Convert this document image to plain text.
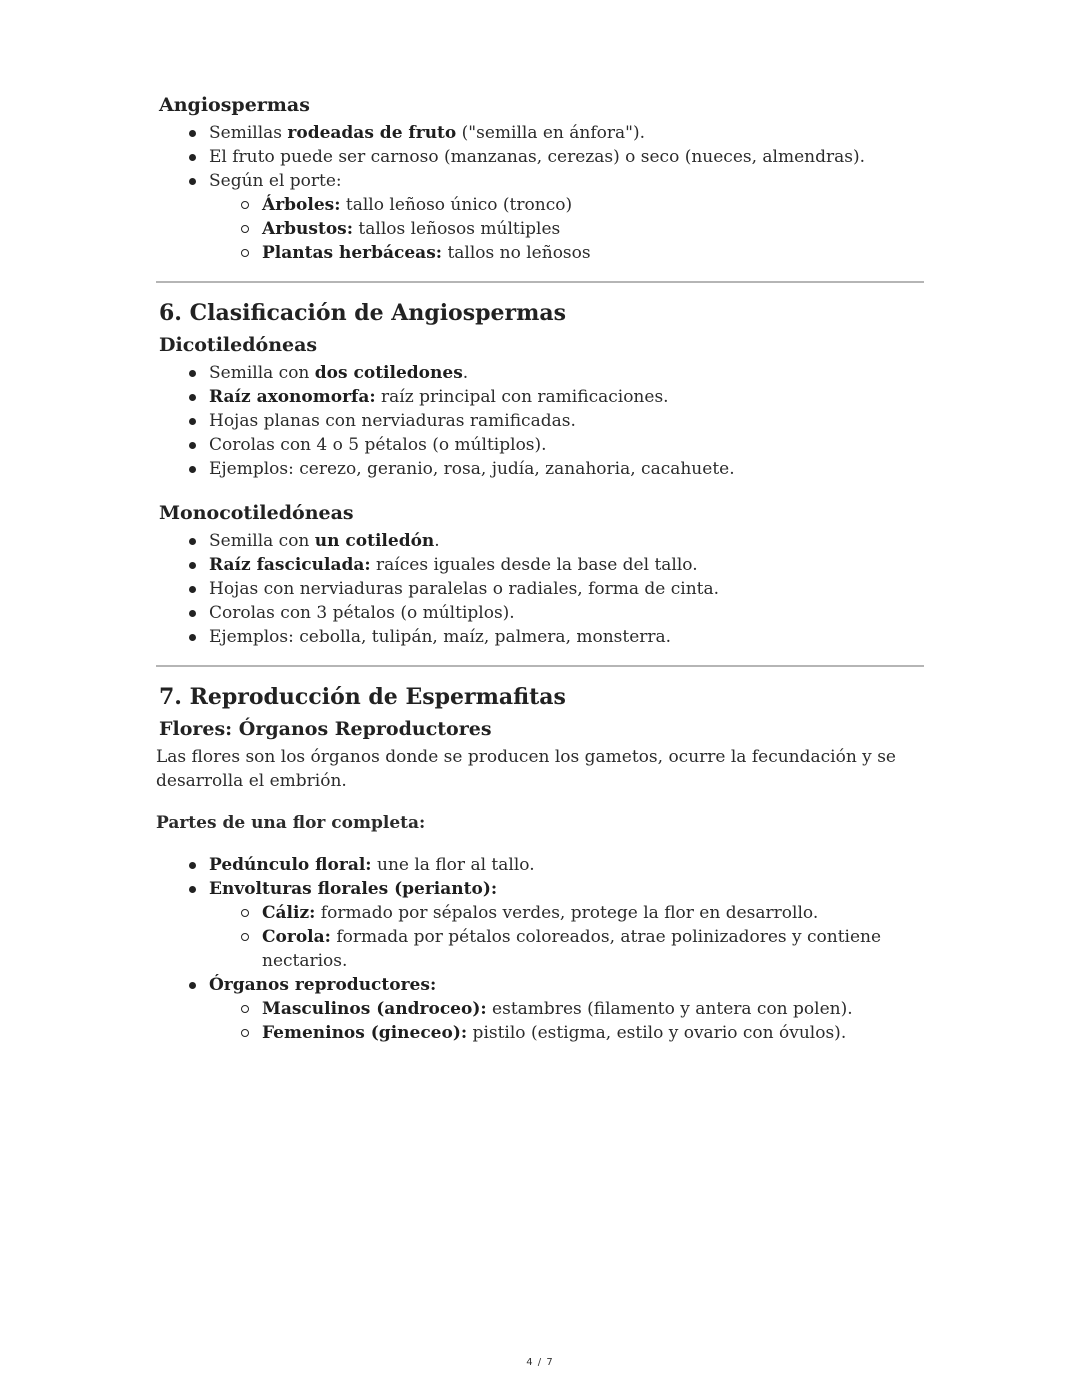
Angiospermas
Semillas rodeadas de fruto ("semilla en ánfora").
El fruto puede ser carnoso (manzanas, cerezas) o seco (nueces, almendras).
Según el porte:
Árboles: tallo leñoso único (tronco)
Arbustos: tallos leñosos múltiples
Plantas herbáceas: tallos no leñosos
6. Clasificación de Angiospermas
Dicotiledóneas
Semilla con dos cotiledones.
Raíz axonomorfa: raíz principal con ramificaciones.
Hojas planas con nerviaduras ramificadas.
Corolas con 4 o 5 pétalos (o múltiplos).
Ejemplos: cerezo, geranio, rosa, judía, zanahoria, cacahuete.
Monocotiledóneas
Semilla con un cotiledón.
Raíz fasciculada: raíces iguales desde la base del tallo.
Hojas con nerviaduras paralelas o radiales, forma de cinta.
Corolas con 3 pétalos (o múltiplos).
Ejemplos: cebolla, tulipán, maíz, palmera, monsterra.
7. Reproducción de Espermafitas
Flores: Órganos Reproductores

Las flores son los órganos donde se producen los gametos, ocurre la fecundación y se desarrolla el embrión.

Partes de una flor completa:

Pedúnculo floral: une la flor al tallo.
Envolturas florales (perianto):
Cáliz: formado por sépalos verdes, protege la flor en desarrollo.
Corola: formada por pétalos coloreados, atrae polinizadores y contiene nectarios.
Órganos reproductores:
Masculinos (androceo): estambres (filamento y antera con polen).
Femeninos (gineceo): pistilo (estigma, estilo y ovario con óvulos).
4 / 7
